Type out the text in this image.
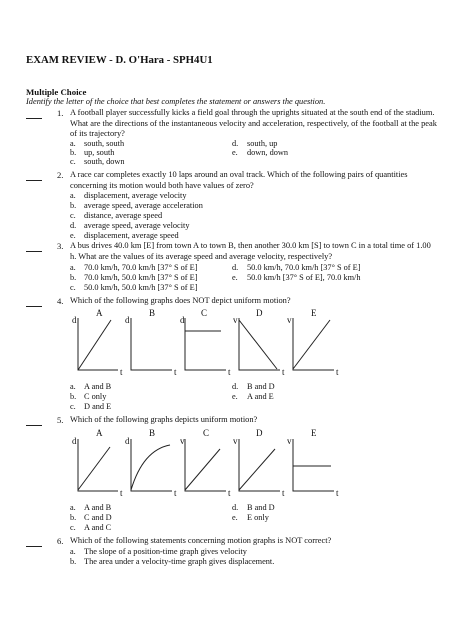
EXAM REVIEW - D. O'Hara - SPH4U1
Multiple Choice
Identify the letter of the choice that best completes the statement or answers the question.
1. A football player successfully kicks a field goal through the uprights situated at the south end of the stadium.
What are the directions of the instantaneous velocity and acceleration, respectively, of the football at the peak
of its trajectory?
a. south, south	d. south, up
b. up, south	e. down, down
c. south, down
2. A race car completes exactly 10 laps around an oval track. Which of the following pairs of quantities
concerning its motion would both have values of zero?
a. displacement, average velocity
b. average speed, average acceleration
c. distance, average speed
d. average speed, average velocity
e. displacement, average speed
3. A bus drives 40.0 km [E] from town A to town B, then another 30.0 km [S] to town C in a total time of 1.00
h. What are the values of its average speed and average velocity, respectively?
a. 70.0 km/h, 70.0 km/h [37° S of E]	d. 50.0 km/h, 70.0 km/h [37° S of E]
b. 70.0 km/h, 50.0 km/h [37° S of E]	e. 50.0 km/h [37° S of E], 70.0 km/h
c. 50.0 km/h, 50.0 km/h [37° S of E]
4. Which of the following graphs does NOT depict uniform motion?
A	B	C	D	E
d	d	d	v	v
t	t	t	t	t
a. A and B	d. B and D
b. C only	e. A and E
c. D and E
5. Which of the following graphs depicts uniform motion?
A	B	C	D	E
d	d	v	v	v
t	t	t	t	t
a. A and B	d. B and D
b. C and D	e. E only
c. A and C
6. Which of the following statements concerning motion graphs is NOT correct?
a. The slope of a position-time graph gives velocity
b. The area under a velocity-time graph gives displacement.
